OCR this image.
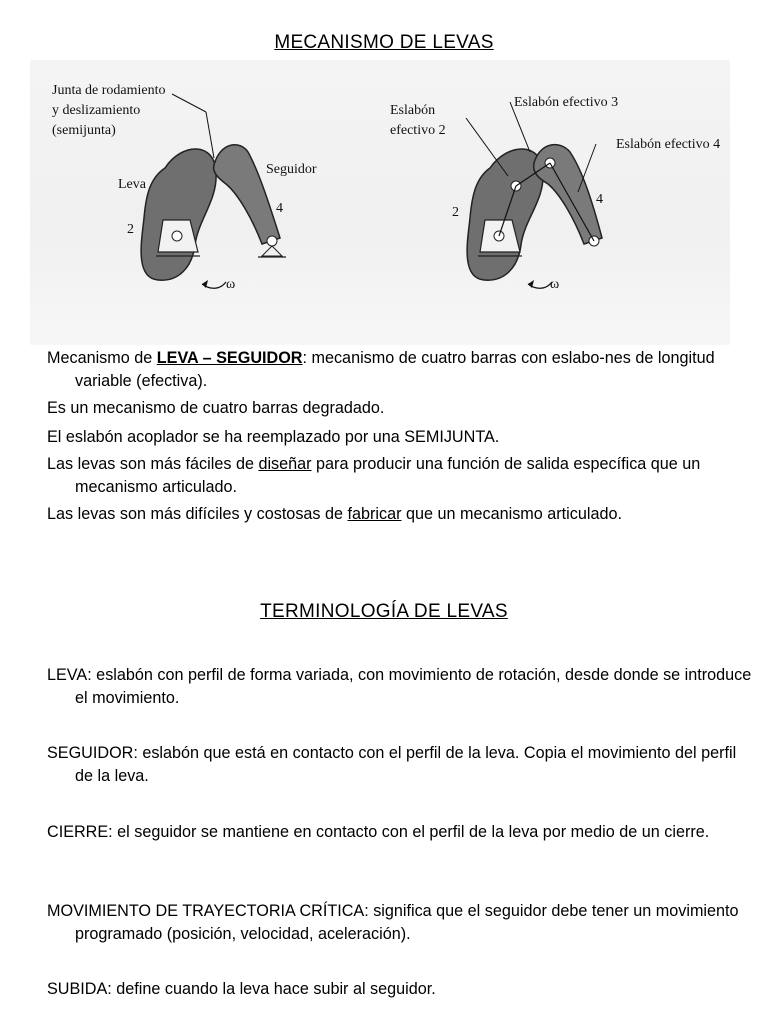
MECANISMO DE LEVAS
Junta de rodamiento
y deslizamiento
(semijunta)
Leva
Seguidor
2
4
ω
Eslabón
efectivo 2
Eslabón efectivo 3
Eslabón efectivo 4
2
4
ω
Mecanismo de LEVA – SEGUIDOR: mecanismo de cuatro barras con eslabo-nes de longitud variable (efectiva).
Es un mecanismo de cuatro barras degradado.
El eslabón acoplador se ha reemplazado por una SEMIJUNTA.
Las levas son más fáciles de diseñar para producir una función de salida específica que un mecanismo articulado.
Las levas son más difíciles y costosas de fabricar que un mecanismo articulado.
TERMINOLOGÍA DE LEVAS
LEVA: eslabón con perfil de forma variada, con movimiento de rotación, desde donde se introduce el movimiento.
SEGUIDOR: eslabón que está en contacto con el perfil de la leva. Copia el movimiento del perfil de la leva.
CIERRE: el seguidor se mantiene en contacto con el perfil de la leva por medio de un cierre.
MOVIMIENTO DE TRAYECTORIA CRÍTICA: significa que el seguidor debe tener un movimiento programado (posición, velocidad, aceleración).
SUBIDA: define cuando la leva hace subir al seguidor.
